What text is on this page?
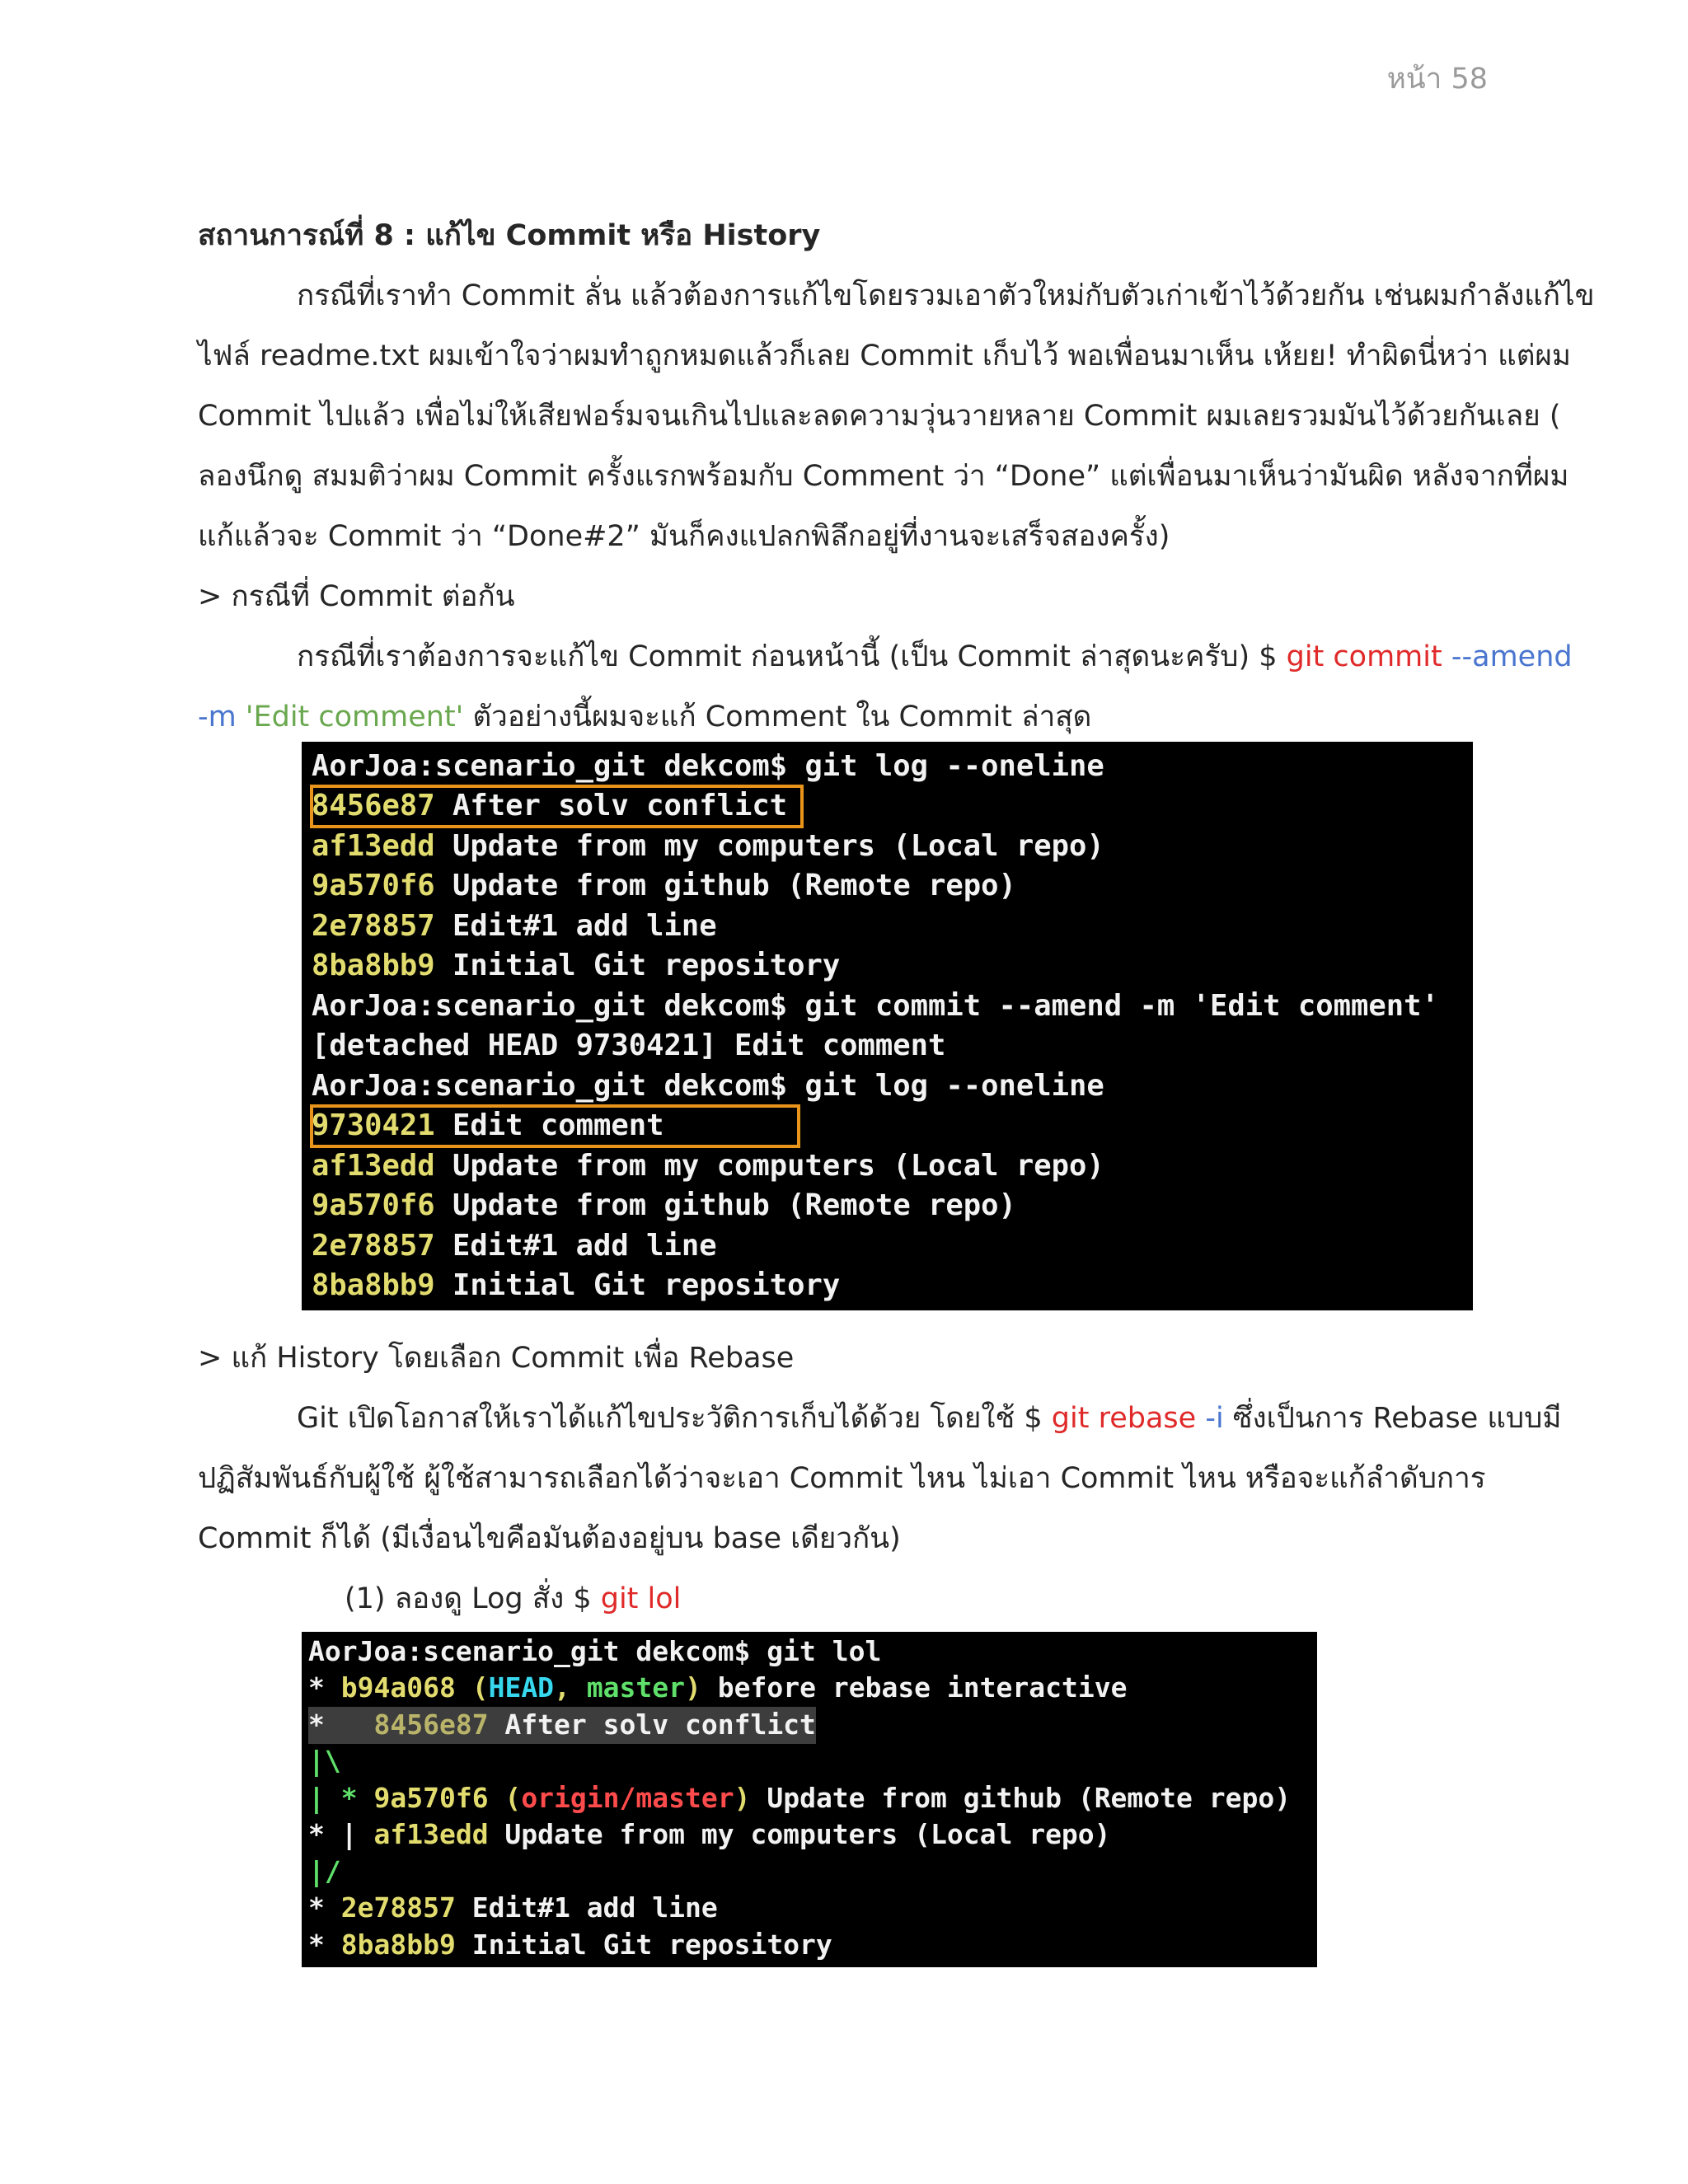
หน้า 58
สถานการณ์ที่ 8 : แก้ไข Commit หรือ History
กรณีที่เราทำ Commit ลั่น แล้วต้องการแก้ไขโดยรวมเอาตัวใหม่กับตัวเก่าเข้าไว้ด้วยกัน เช่นผมกำลังแก้ไข
ไฟล์ readme.txt ผมเข้าใจว่าผมทำถูกหมดแล้วก็เลย Commit เก็บไว้ พอเพื่อนมาเห็น เห้ยย! ทำผิดนี่หว่า แต่ผม
Commit ไปแล้ว เพื่อไม่ให้เสียฟอร์มจนเกินไปและลดความวุ่นวายหลาย Commit ผมเลยรวมมันไว้ด้วยกันเลย (
ลองนึกดู สมมติว่าผม Commit ครั้งแรกพร้อมกับ Comment ว่า “Done” แต่เพื่อนมาเห็นว่ามันผิด หลังจากที่ผม
แก้แล้วจะ Commit ว่า “Done#2” มันก็คงแปลกพิลึกอยู่ที่งานจะเสร็จสองครั้ง)
> กรณีที่ Commit ต่อกัน
กรณีที่เราต้องการจะแก้ไข Commit ก่อนหน้านี้ (เป็น Commit ล่าสุดนะครับ) $ git commit --amend
-m 'Edit comment' ตัวอย่างนี้ผมจะแก้ Comment ใน Commit ล่าสุด
AorJoa:scenario_git dekcom$ git log --oneline
8456e87 After solv conflict
af13edd Update from my computers (Local repo)
9a570f6 Update from github (Remote repo)
2e78857 Edit#1 add line
8ba8bb9 Initial Git repository
AorJoa:scenario_git dekcom$ git commit --amend -m 'Edit comment'
[detached HEAD 9730421] Edit comment
AorJoa:scenario_git dekcom$ git log --oneline
9730421 Edit comment
af13edd Update from my computers (Local repo)
9a570f6 Update from github (Remote repo)
2e78857 Edit#1 add line
8ba8bb9 Initial Git repository
> แก้ History โดยเลือก Commit เพื่อ Rebase
Git เปิดโอกาสให้เราได้แก้ไขประวัติการเก็บได้ด้วย โดยใช้ $ git rebase -i ซึ่งเป็นการ Rebase แบบมี
ปฏิสัมพันธ์กับผู้ใช้ ผู้ใช้สามารถเลือกได้ว่าจะเอา Commit ไหน ไม่เอา Commit ไหน หรือจะแก้ลำดับการ
Commit ก็ได้ (มีเงื่อนไขคือมันต้องอยู่บน base เดียวกัน)
(1) ลองดู Log สั่ง $ git lol
AorJoa:scenario_git dekcom$ git lol
* b94a068 (HEAD, master) before rebase interactive
*   8456e87 After solv conflict
|\
| * 9a570f6 (origin/master) Update from github (Remote repo)
* | af13edd Update from my computers (Local repo)
|/
* 2e78857 Edit#1 add line
* 8ba8bb9 Initial Git repository
